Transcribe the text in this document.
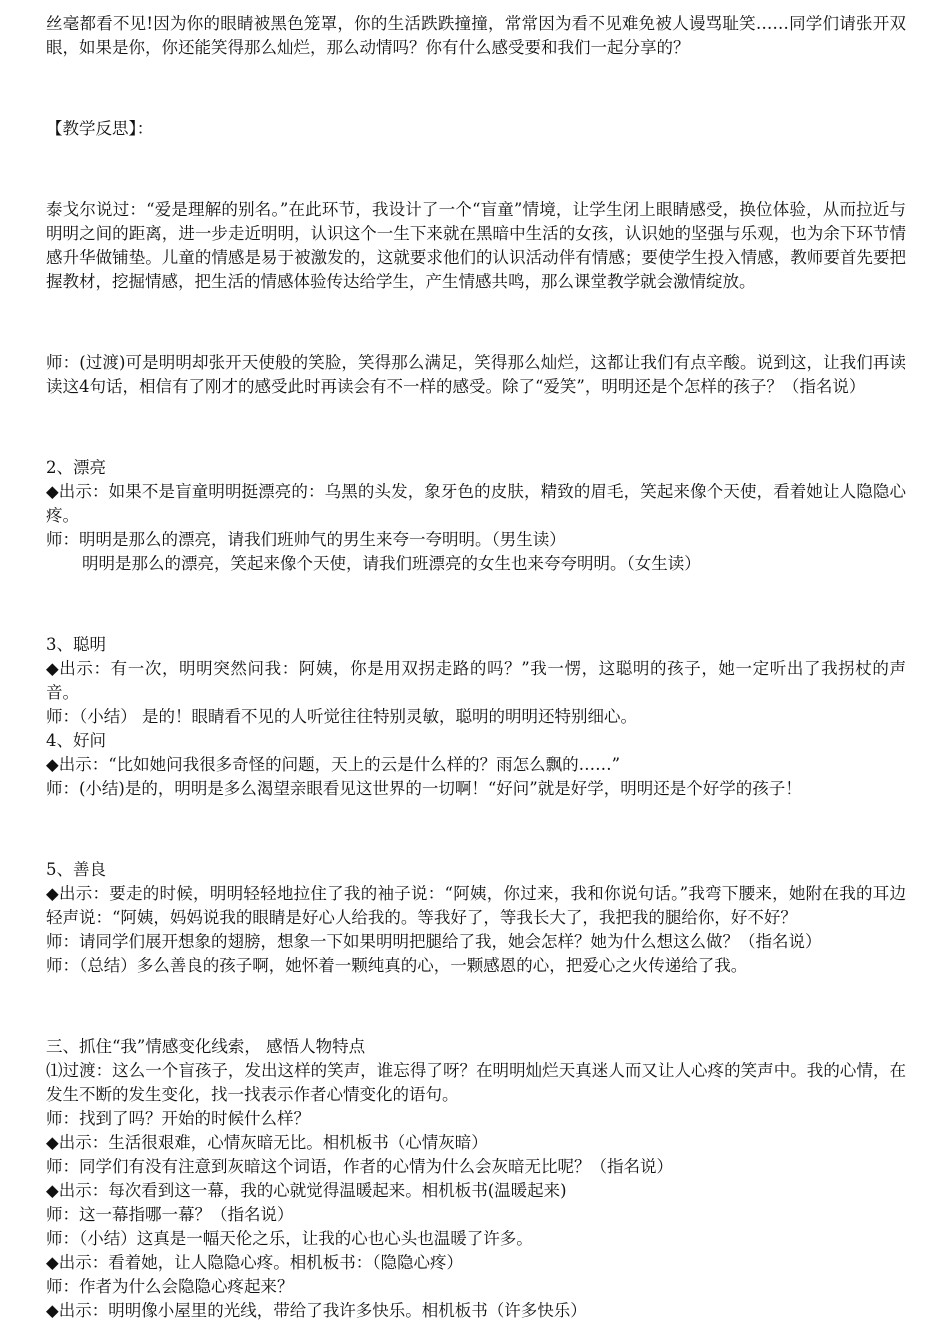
丝毫都看不见!因为你的眼睛被黑色笼罩，你的生活跌跌撞撞，常常因为看不见难免被人谩骂耻笑……同学们请张开双眼，如果是你，你还能笑得那么灿烂，那么动情吗？你有什么感受要和我们一起分享的？

【教学反思】：

泰戈尔说过：“爱是理解的别名。”在此环节，我设计了一个“盲童”情境，让学生闭上眼睛感受，换位体验，从而拉近与明明之间的距离，进一步走近明明，认识这个一生下来就在黑暗中生活的女孩，认识她的坚强与乐观，也为余下环节情感升华做铺垫。儿童的情感是易于被激发的，这就要求他们的认识活动伴有情感；要使学生投入情感，教师要首先要把握教材，挖掘情感，把生活的情感体验传达给学生，产生情感共鸣，那么课堂教学就会激情绽放。

师：(过渡)可是明明却张开天使般的笑脸，笑得那么满足，笑得那么灿烂，这都让我们有点辛酸。说到这，让我们再读读这4句话，相信有了刚才的感受此时再读会有不一样的感受。除了“爱笑”，明明还是个怎样的孩子？（指名说）

2、漂亮

◆出示：如果不是盲童明明挺漂亮的：乌黑的头发，象牙色的皮肤，精致的眉毛，笑起来像个天使，看着她让人隐隐心疼。

师：明明是那么的漂亮，请我们班帅气的男生来夸一夸明明。（男生读）

明明是那么的漂亮，笑起来像个天使，请我们班漂亮的女生也来夸夸明明。（女生读）

3、聪明

◆出示：有一次，明明突然问我：阿姨，你是用双拐走路的吗？”我一愣，这聪明的孩子，她一定听出了我拐杖的声音。

师：（小结） 是的！眼睛看不见的人听觉往往特别灵敏，聪明的明明还特别细心。

4、好问

◆出示：“比如她问我很多奇怪的问题，天上的云是什么样的？雨怎么飘的……”

师：(小结)是的，明明是多么渴望亲眼看见这世界的一切啊！“好问”就是好学，明明还是个好学的孩子！

5、善良

◆出示：要走的时候，明明轻轻地拉住了我的袖子说：“阿姨，你过来，我和你说句话。”我弯下腰来，她附在我的耳边轻声说：“阿姨，妈妈说我的眼睛是好心人给我的。等我好了，等我长大了，我把我的腿给你，好不好？

师：请同学们展开想象的翅膀，想象一下如果明明把腿给了我，她会怎样？她为什么想这么做？（指名说）

师：（总结）多么善良的孩子啊，她怀着一颗纯真的心，一颗感恩的心，把爱心之火传递给了我。

三、抓住“我”情感变化线索， 感悟人物特点

⑴过渡：这么一个盲孩子，发出这样的笑声，谁忘得了呀？在明明灿烂天真迷人而又让人心疼的笑声中。我的心情，在发生不断的发生变化，找一找表示作者心情变化的语句。

师：找到了吗？开始的时候什么样？

◆出示：生活很艰难，心情灰暗无比。相机板书（心情灰暗）

师：同学们有没有注意到灰暗这个词语，作者的心情为什么会灰暗无比呢？（指名说）

◆出示：每次看到这一幕，我的心就觉得温暖起来。相机板书(温暖起来)

师：这一幕指哪一幕？（指名说）

师：（小结）这真是一幅天伦之乐，让我的心也心头也温暖了许多。

◆出示：看着她，让人隐隐心疼。相机板书：（隐隐心疼）

师：作者为什么会隐隐心疼起来？

◆出示：明明像小屋里的光线，带给了我许多快乐。相机板书（许多快乐）
